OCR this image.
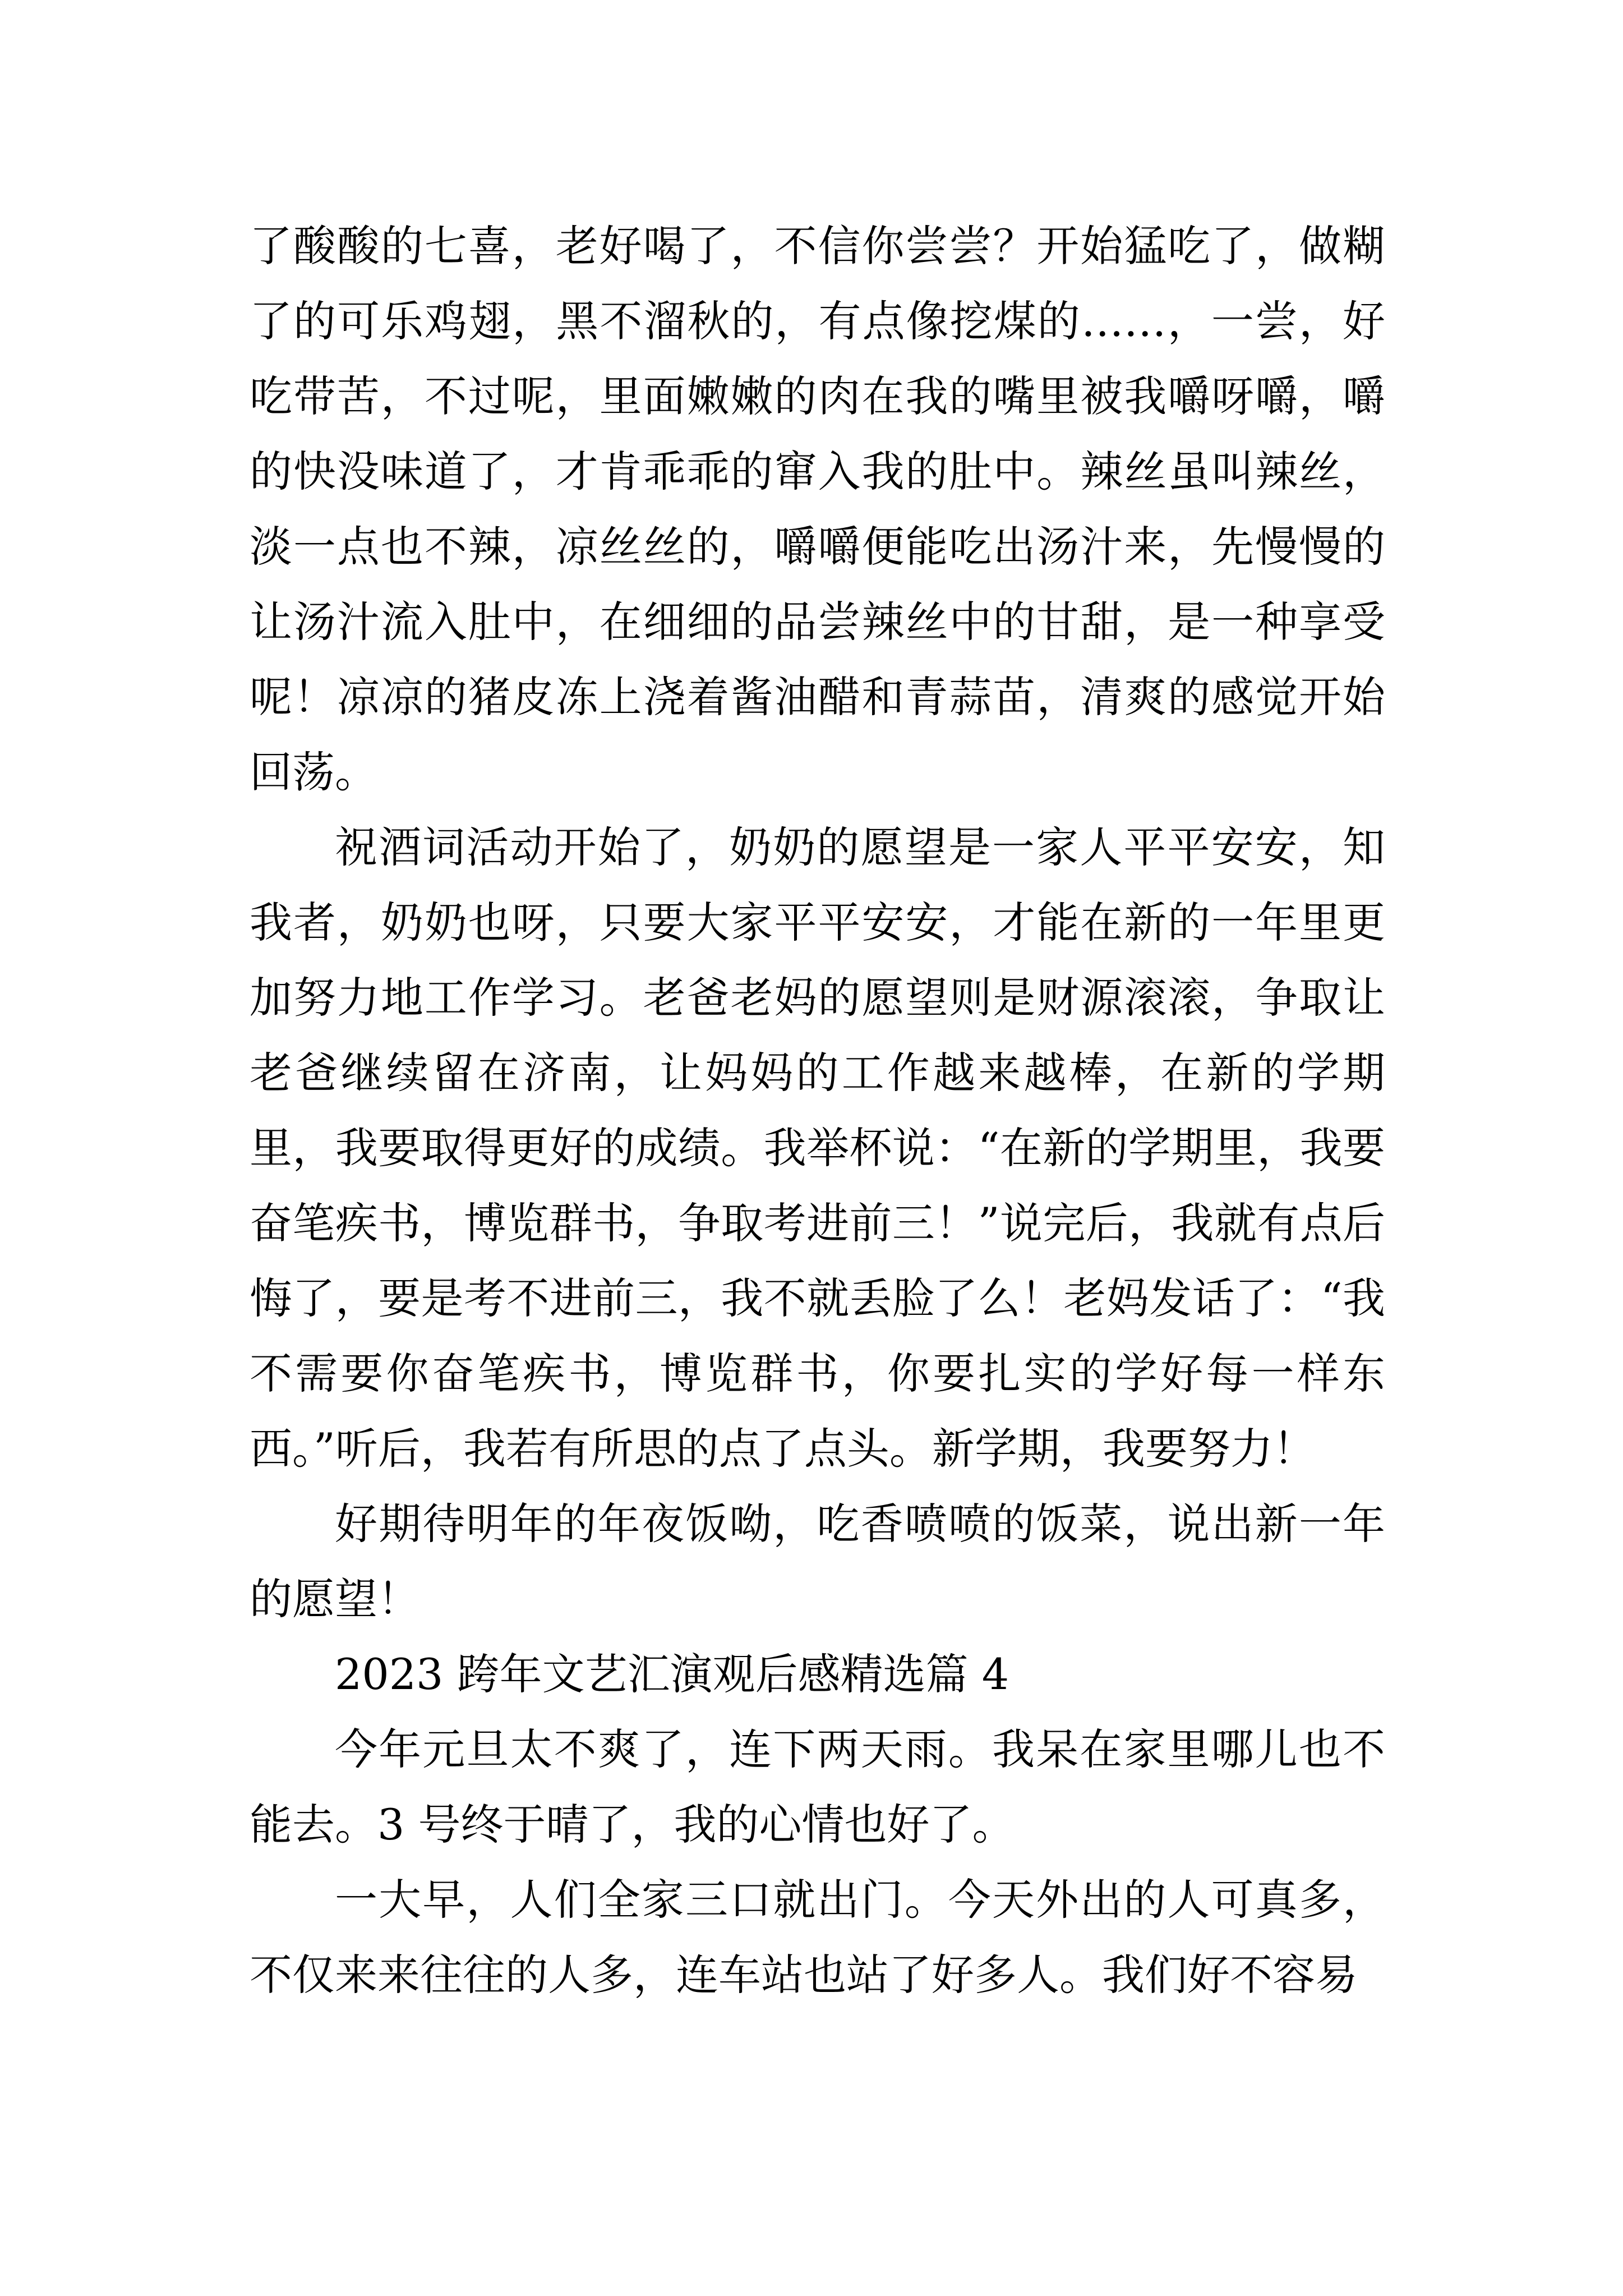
了酸酸的七喜，老好喝了，不信你尝尝？开始猛吃了，做糊了的可乐鸡翅，黑不溜秋的，有点像挖煤的……，一尝，好吃带苦，不过呢，里面嫩嫩的肉在我的嘴里被我嚼呀嚼，嚼的快没味道了，才肯乖乖的窜入我的肚中。辣丝虽叫辣丝，淡一点也不辣，凉丝丝的，嚼嚼便能吃出汤汁来，先慢慢的让汤汁流入肚中，在细细的品尝辣丝中的甘甜，是一种享受呢！凉凉的猪皮冻上浇着酱油醋和青蒜苗，清爽的感觉开始回荡。

祝酒词活动开始了，奶奶的愿望是一家人平平安安，知我者，奶奶也呀，只要大家平平安安，才能在新的一年里更加努力地工作学习。老爸老妈的愿望则是财源滚滚，争取让老爸继续留在济南，让妈妈的工作越来越棒，在新的学期里，我要取得更好的成绩。我举杯说：“在新的学期里，我要奋笔疾书，博览群书，争取考进前三！”说完后，我就有点后悔了，要是考不进前三，我不就丢脸了么！老妈发话了：“我不需要你奋笔疾书，博览群书，你要扎实的学好每一样东西。”听后，我若有所思的点了点头。新学期，我要努力！

好期待明年的年夜饭呦，吃香喷喷的饭菜，说出新一年的愿望！

2023 跨年文艺汇演观后感精选篇 4

今年元旦太不爽了，连下两天雨。我呆在家里哪儿也不能去。3 号终于晴了，我的心情也好了。

一大早，人们全家三口就出门。今天外出的人可真多，不仅来来往往的人多，连车站也站了好多人。我们好不容易
